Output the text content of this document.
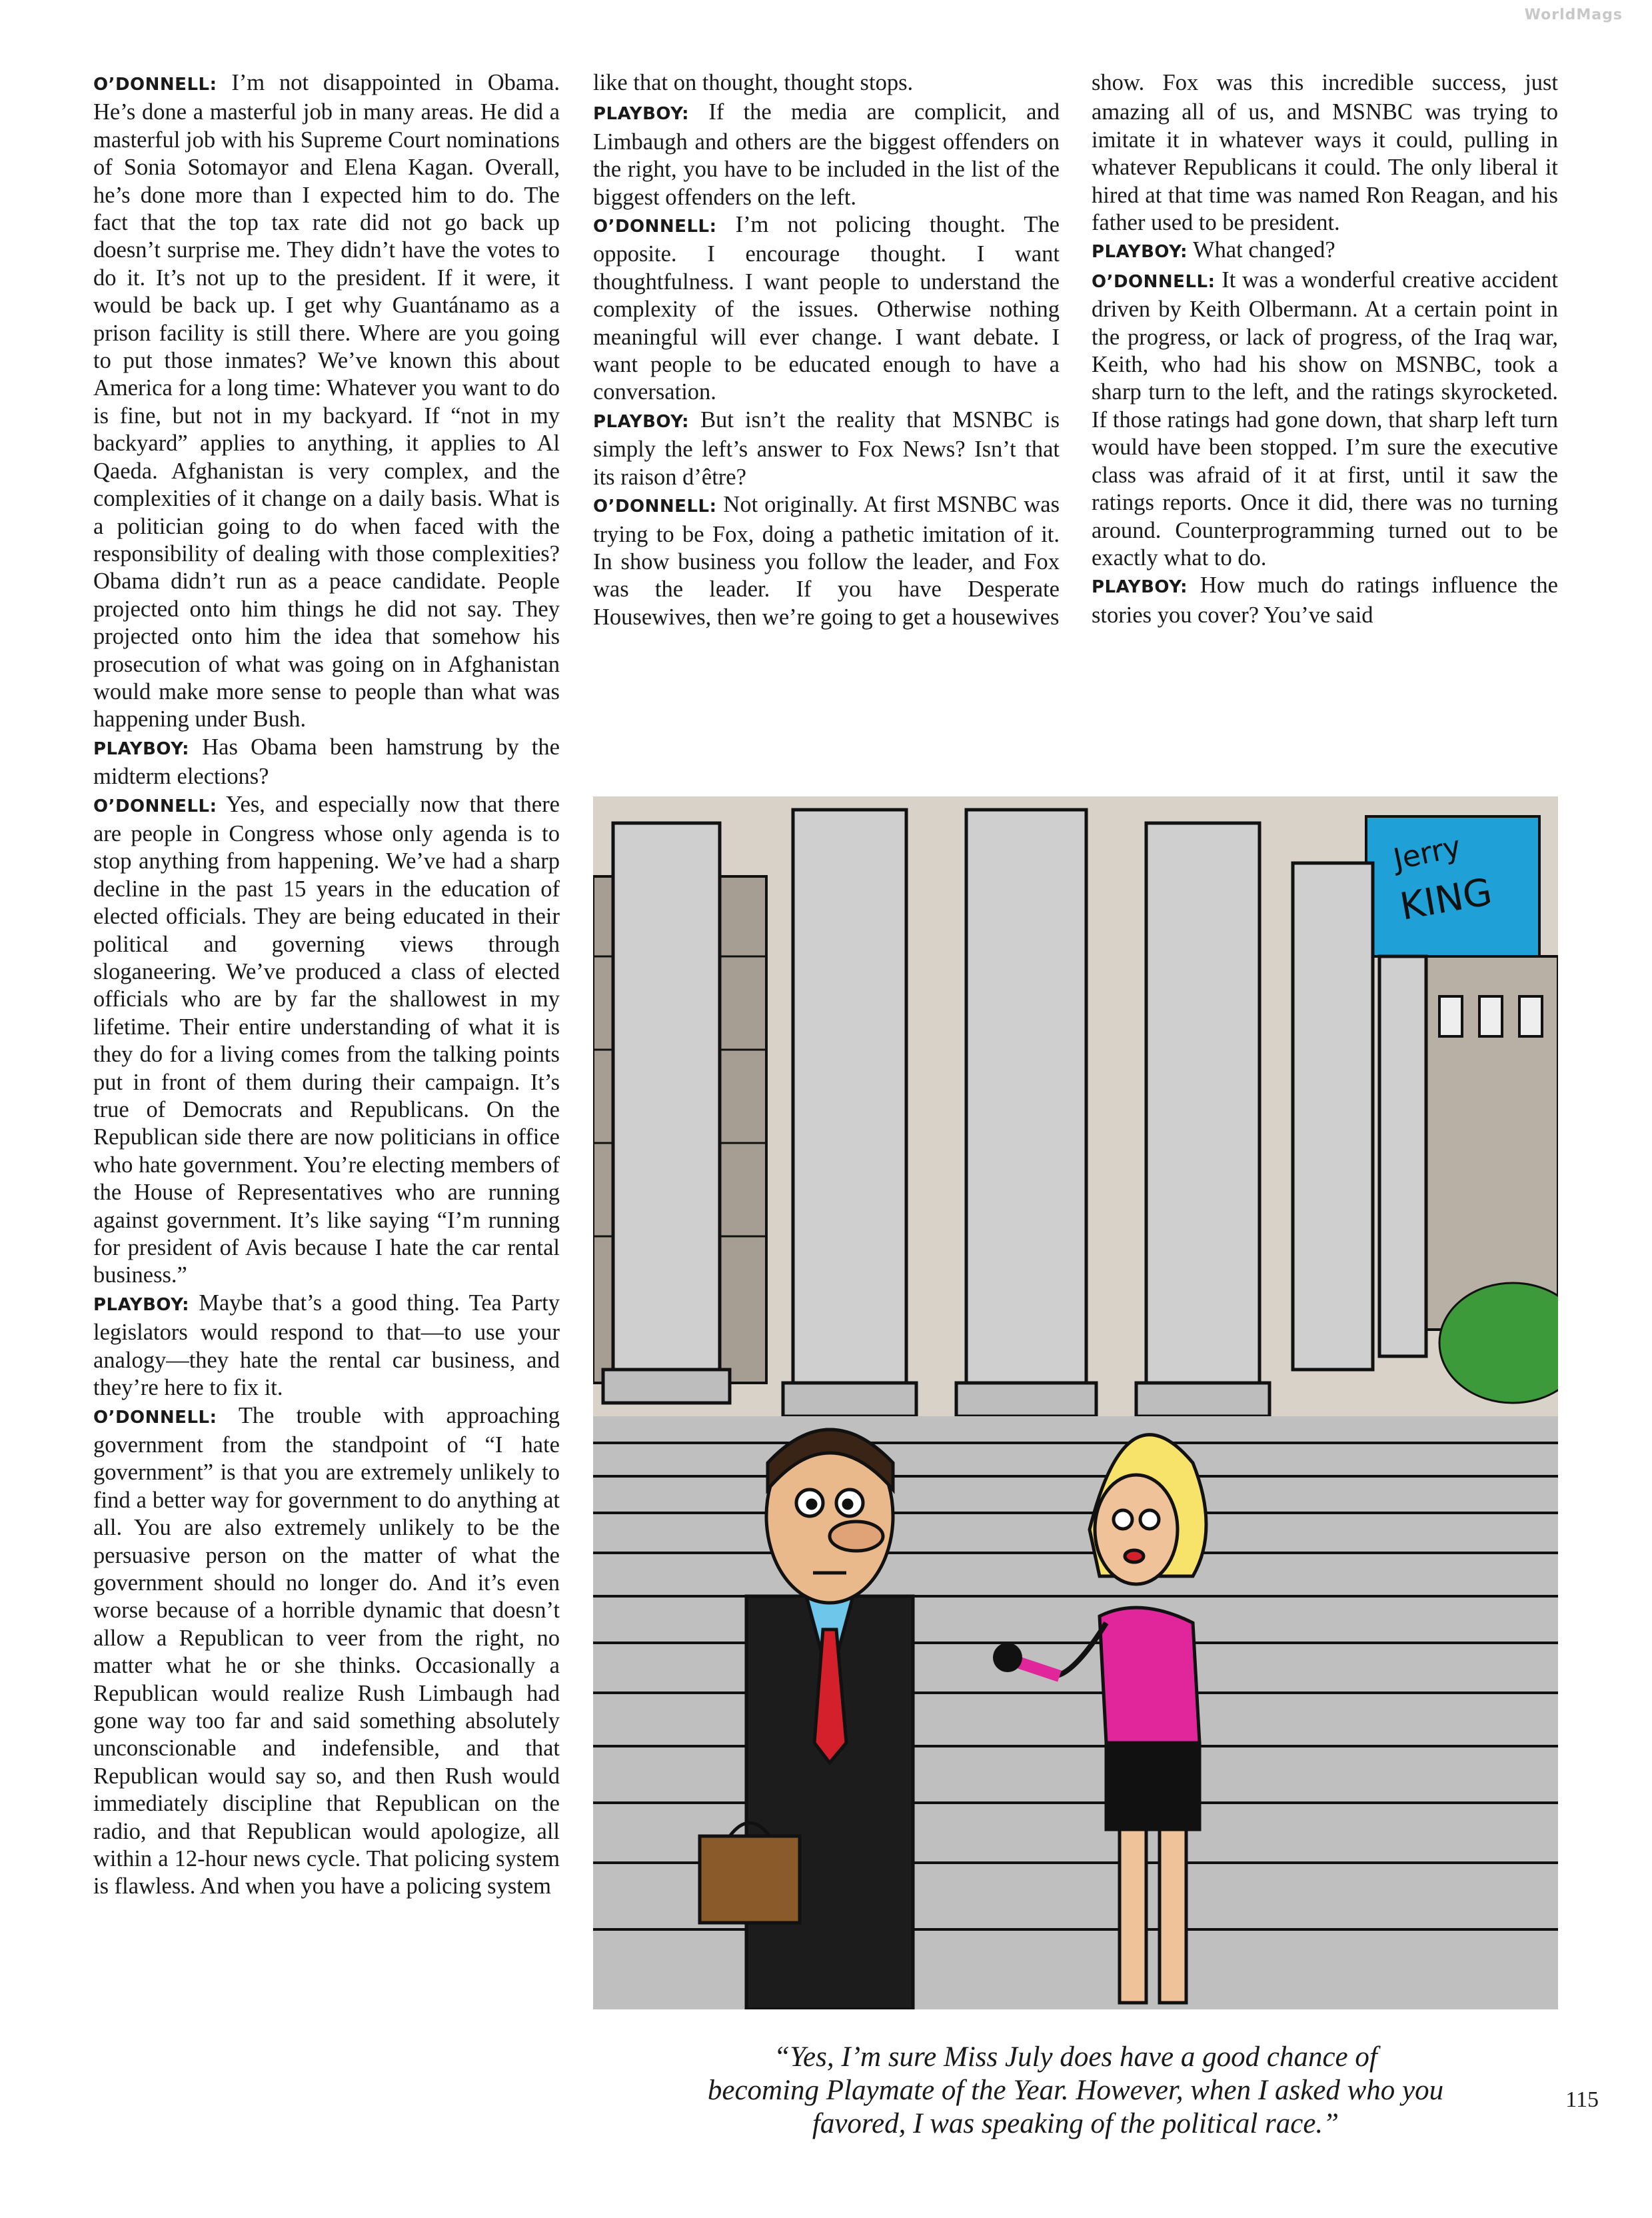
WorldMags

O’DONNELL: I’m not disappointed in Obama. He’s done a masterful job in many areas. He did a masterful job with his Supreme Court nominations of Sonia Sotomayor and Elena Kagan. Overall, he’s done more than I expected him to do. The fact that the top tax rate did not go back up doesn’t surprise me. They didn’t have the votes to do it. It’s not up to the president. If it were, it would be back up. I get why Guantánamo as a prison facility is still there. Where are you going to put those inmates? We’ve known this about America for a long time: Whatever you want to do is fine, but not in my backyard. If “not in my backyard” applies to anything, it applies to Al Qaeda. Afghanistan is very complex, and the complexities of it change on a daily basis. What is a politician going to do when faced with the responsibility of dealing with those complexities? Obama didn’t run as a peace candidate. People projected onto him things he did not say. They projected onto him the idea that somehow his prosecution of what was going on in Afghanistan would make more sense to people than what was happening under Bush.

PLAYBOY: Has Obama been hamstrung by the midterm elections?

O’DONNELL: Yes, and especially now that there are people in Congress whose only agenda is to stop anything from happening. We’ve had a sharp decline in the past 15 years in the education of elected officials. They are being educated in their political and governing views through sloganeering. We’ve produced a class of elected officials who are by far the shallowest in my lifetime. Their entire understanding of what it is they do for a living comes from the talking points put in front of them during their campaign. It’s true of Democrats and Republicans. On the Republican side there are now politicians in office who hate government. You’re electing members of the House of Representatives who are running against government. It’s like saying “I’m running for president of Avis because I hate the car rental business.”

PLAYBOY: Maybe that’s a good thing. Tea Party legislators would respond to that—to use your analogy—they hate the rental car business, and they’re here to fix it.

O’DONNELL: The trouble with approaching government from the standpoint of “I hate government” is that you are extremely unlikely to find a better way for government to do anything at all. You are also extremely unlikely to be the persuasive person on the matter of what the government should no longer do. And it’s even worse because of a horrible dynamic that doesn’t allow a Republican to veer from the right, no matter what he or she thinks. Occasionally a Republican would realize Rush Limbaugh had gone way too far and said something absolutely unconscionable and indefensible, and that Republican would say so, and then Rush would immediately discipline that Republican on the radio, and that Republican would apologize, all within a 12-hour news cycle. That policing system is flawless. And when you have a policing system

like that on thought, thought stops.

PLAYBOY: If the media are complicit, and Limbaugh and others are the biggest offenders on the right, you have to be included in the list of the biggest offenders on the left.

O’DONNELL: I’m not policing thought. The opposite. I encourage thought. I want thoughtfulness. I want people to understand the complexity of the issues. Otherwise nothing meaningful will ever change. I want debate. I want people to be educated enough to have a conversation.

PLAYBOY: But isn’t the reality that MSNBC is simply the left’s answer to Fox News? Isn’t that its raison d’être?

O’DONNELL: Not originally. At first MSNBC was trying to be Fox, doing a pathetic imitation of it. In show business you follow the leader, and Fox was the leader. If you have Desperate Housewives, then we’re going to get a housewives

show. Fox was this incredible success, just amazing all of us, and MSNBC was trying to imitate it in whatever ways it could, pulling in whatever Republicans it could. The only liberal it hired at that time was named Ron Reagan, and his father used to be president.

PLAYBOY: What changed?

O’DONNELL: It was a wonderful creative accident driven by Keith Olbermann. At a certain point in the progress, or lack of progress, of the Iraq war, Keith, who had his show on MSNBC, took a sharp turn to the left, and the ratings skyrocketed. If those ratings had gone down, that sharp left turn would have been stopped. I’m sure the executive class was afraid of it at first, until it saw the ratings reports. Once it did, there was no turning around. Counterprogramming turned out to be exactly what to do.

PLAYBOY: How much do ratings influence the stories you cover? You’ve said

Jerry
KING
“Yes, I’m sure Miss July does have a good chance of
becoming Playmate of the Year. However, when I asked who you
favored, I was speaking of the political race.”
115
